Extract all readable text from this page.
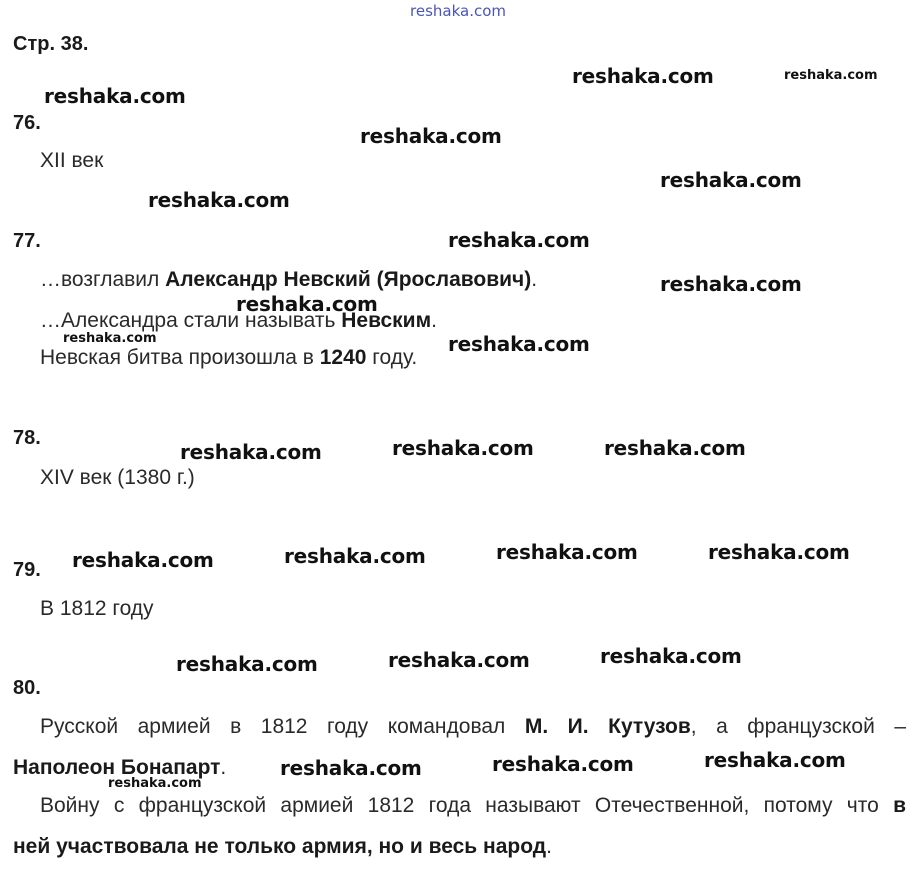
reshaka.com
Стр. 38.
76.
XII век
77.
…возглавил Александр Невский (Ярославович).
…Александра стали называть Невским.
Невская битва произошла в 1240 году.
78.
XIV век (1380 г.)
79.
В 1812 году
80.
Русской армией в 1812 году командовал М. И. Кутузов, а французской –
Наполеон Бонапарт.
Войну с французской армией 1812 года называют Отечественной, потому что в
ней участвовала не только армия, но и весь народ.
reshaka.com
reshaka.com
reshaka.com
reshaka.com
reshaka.com
reshaka.com
reshaka.com
reshaka.com
reshaka.com
reshaka.com	reshaka.com	reshaka.com
reshaka.com	reshaka.com	reshaka.com	reshaka.com
reshaka.com	reshaka.com	reshaka.com
reshaka.com	reshaka.com	reshaka.com
reshaka.com
reshaka.com
reshaka.com
